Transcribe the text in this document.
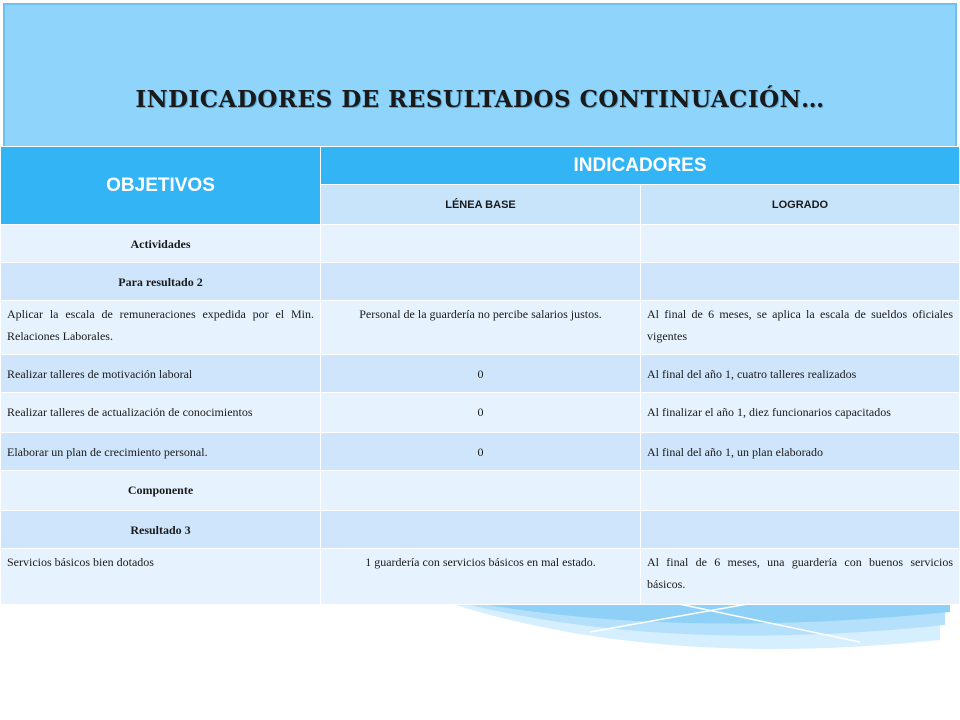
INDICADORES DE RESULTADOS CONTINUACIÓN…
OBJETIVOS	INDICADORES	
	LÉNEA BASE	LOGRADO
Actividades		
Para resultado 2		
Aplicar la escala de remuneraciones expedida por el Min. Relaciones Laborales.	Personal de la guardería no percibe salarios justos.	Al final de 6 meses, se aplica la escala de sueldos oficiales vigentes
Realizar talleres de motivación laboral	0	Al final del año 1, cuatro talleres realizados
Realizar talleres de actualización de conocimientos	0	Al finalizar el año 1, diez funcionarios capacitados
Elaborar un plan de crecimiento personal.	0	Al final del año 1, un plan elaborado
Componente		
Resultado 3		
Servicios básicos bien dotados	1 guardería con servicios básicos en mal estado.	Al final de 6 meses, una guardería con buenos servicios básicos.
